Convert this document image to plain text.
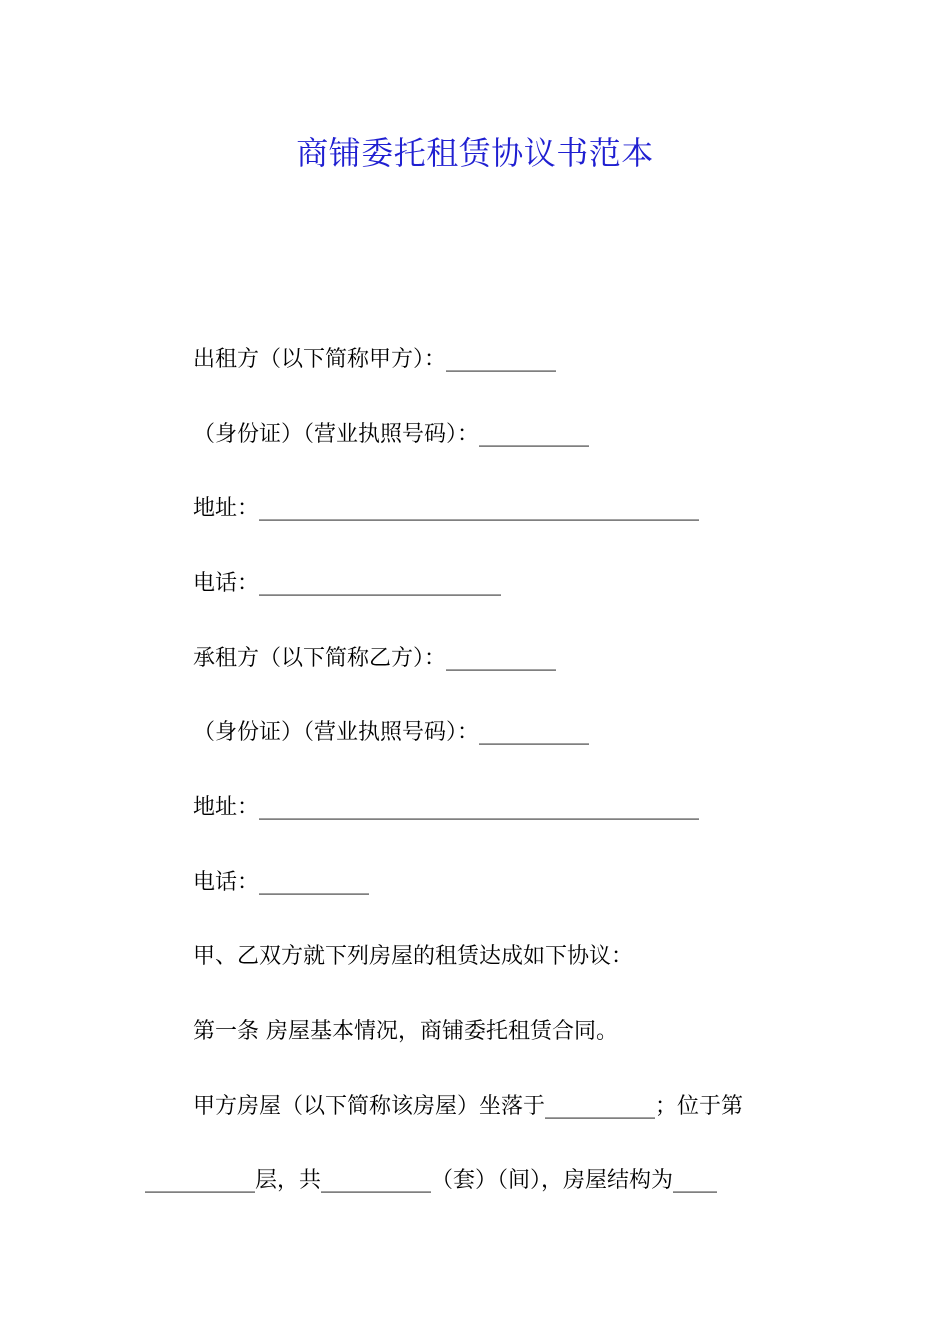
商铺委托租赁协议书范本
出租方（以下简称甲方）：__________
（身份证）（营业执照号码）：__________
地址：________________________________________
电话：______________________
承租方（以下简称乙方）：__________
（身份证）（营业执照号码）：__________
地址：________________________________________
电话：__________
甲、乙双方就下列房屋的租赁达成如下协议：
第一条 房屋基本情况，商铺委托租赁合同。
甲方房屋（以下简称该房屋）坐落于__________；位于第
__________层，共__________（套）（间），房屋结构为____
